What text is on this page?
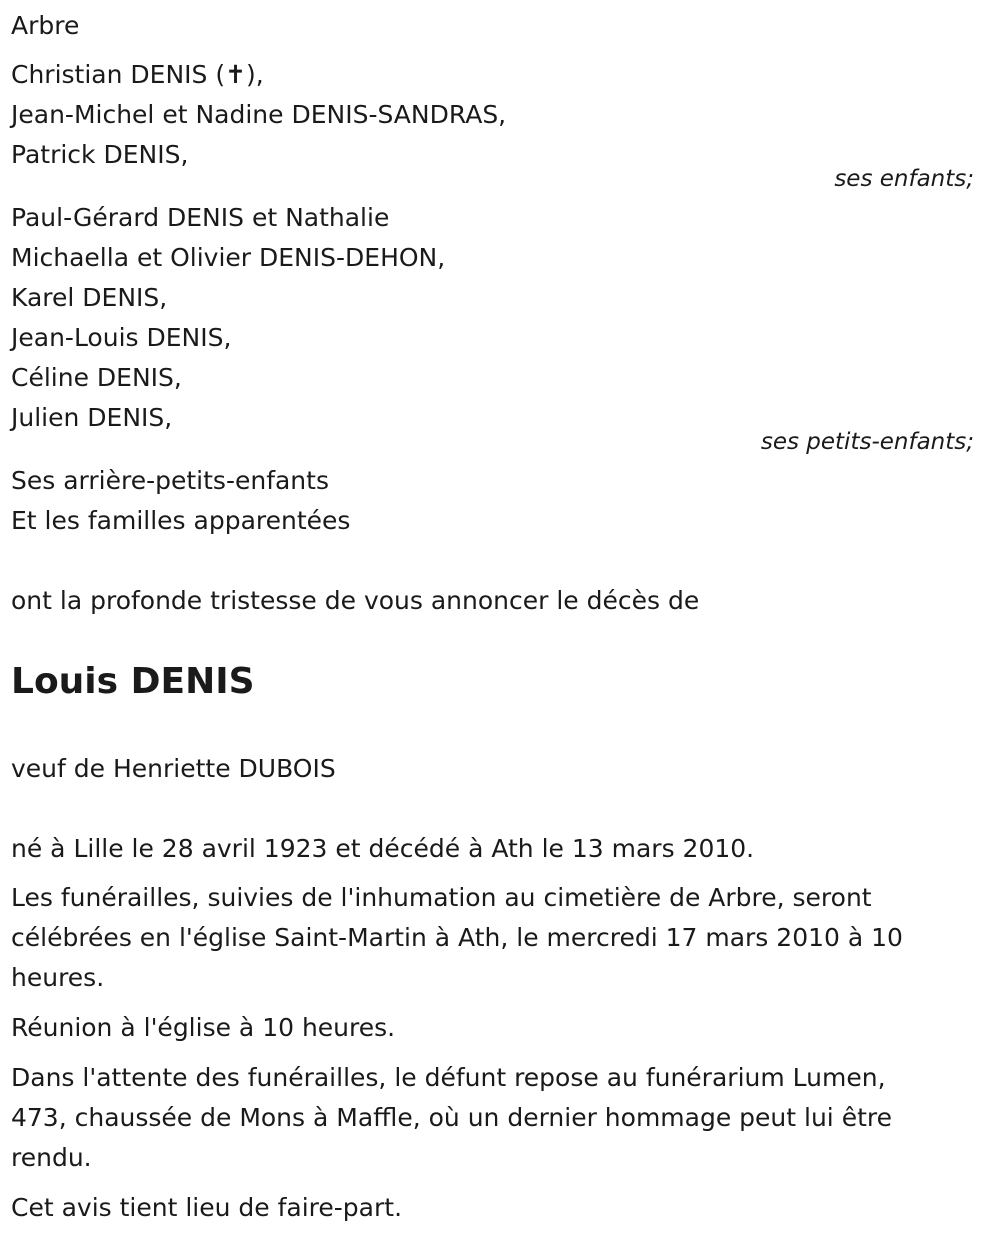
Arbre
Christian DENIS (✝),
Jean-Michel et Nadine DENIS-SANDRAS,
Patrick DENIS,
ses enfants;
Paul-Gérard DENIS et Nathalie
Michaella et Olivier DENIS-DEHON,
Karel DENIS,
Jean-Louis DENIS,
Céline DENIS,
Julien DENIS,
ses petits-enfants;
Ses arrière-petits-enfants
Et les familles apparentées
ont la profonde tristesse de vous annoncer le décès de
Louis DENIS
veuf de Henriette DUBOIS
né à Lille le 28 avril 1923 et décédé à Ath le 13 mars 2010.
Les funérailles, suivies de l'inhumation au cimetière de Arbre, seront
célébrées en l'église Saint-Martin à Ath, le mercredi 17 mars 2010 à 10
heures.
Réunion à l'église à 10 heures.
Dans l'attente des funérailles, le défunt repose au funérarium Lumen,
473, chaussée de Mons à Maffle, où un dernier hommage peut lui être
rendu.
Cet avis tient lieu de faire-part.
